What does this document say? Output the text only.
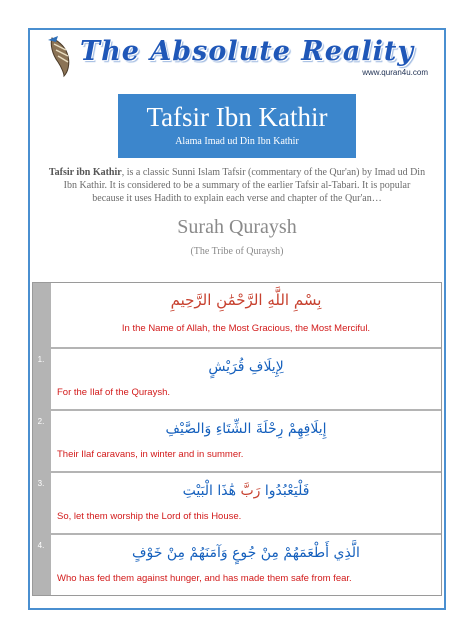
The Absolute Reality
www.quran4u.com
Tafsir Ibn Kathir
Alama Imad ud Din Ibn Kathir
Tafsir ibn Kathir, is a classic Sunni Islam Tafsir (commentary of the Qur'an) by Imad ud Din Ibn Kathir. It is considered to be a summary of the earlier Tafsir al-Tabari. It is popular because it uses Hadith to explain each verse and chapter of the Qur'an…
Surah Quraysh
(The Tribe of Quraysh)
بِسْمِ اللَّهِ الرَّحْمَٰنِ الرَّحِيمِ
In the Name of Allah, the Most Gracious, the Most Merciful.
1.	لِإِيلَافِ قُرَيْشٍ
For the Ilaf of the Quraysh.
2.	إِيلَافِهِمْ رِحْلَةَ الشِّتَاءِ وَالصَّيْفِ
Their Ilaf caravans, in winter and in summer.
3.	فَلْيَعْبُدُوا رَبَّ هَٰذَا الْبَيْتِ
So, let them worship the Lord of this House.
4.	الَّذِي أَطْعَمَهُمْ مِنْ جُوعٍ وَآمَنَهُمْ مِنْ خَوْفٍ
Who has fed them against hunger, and has made them safe from fear.
